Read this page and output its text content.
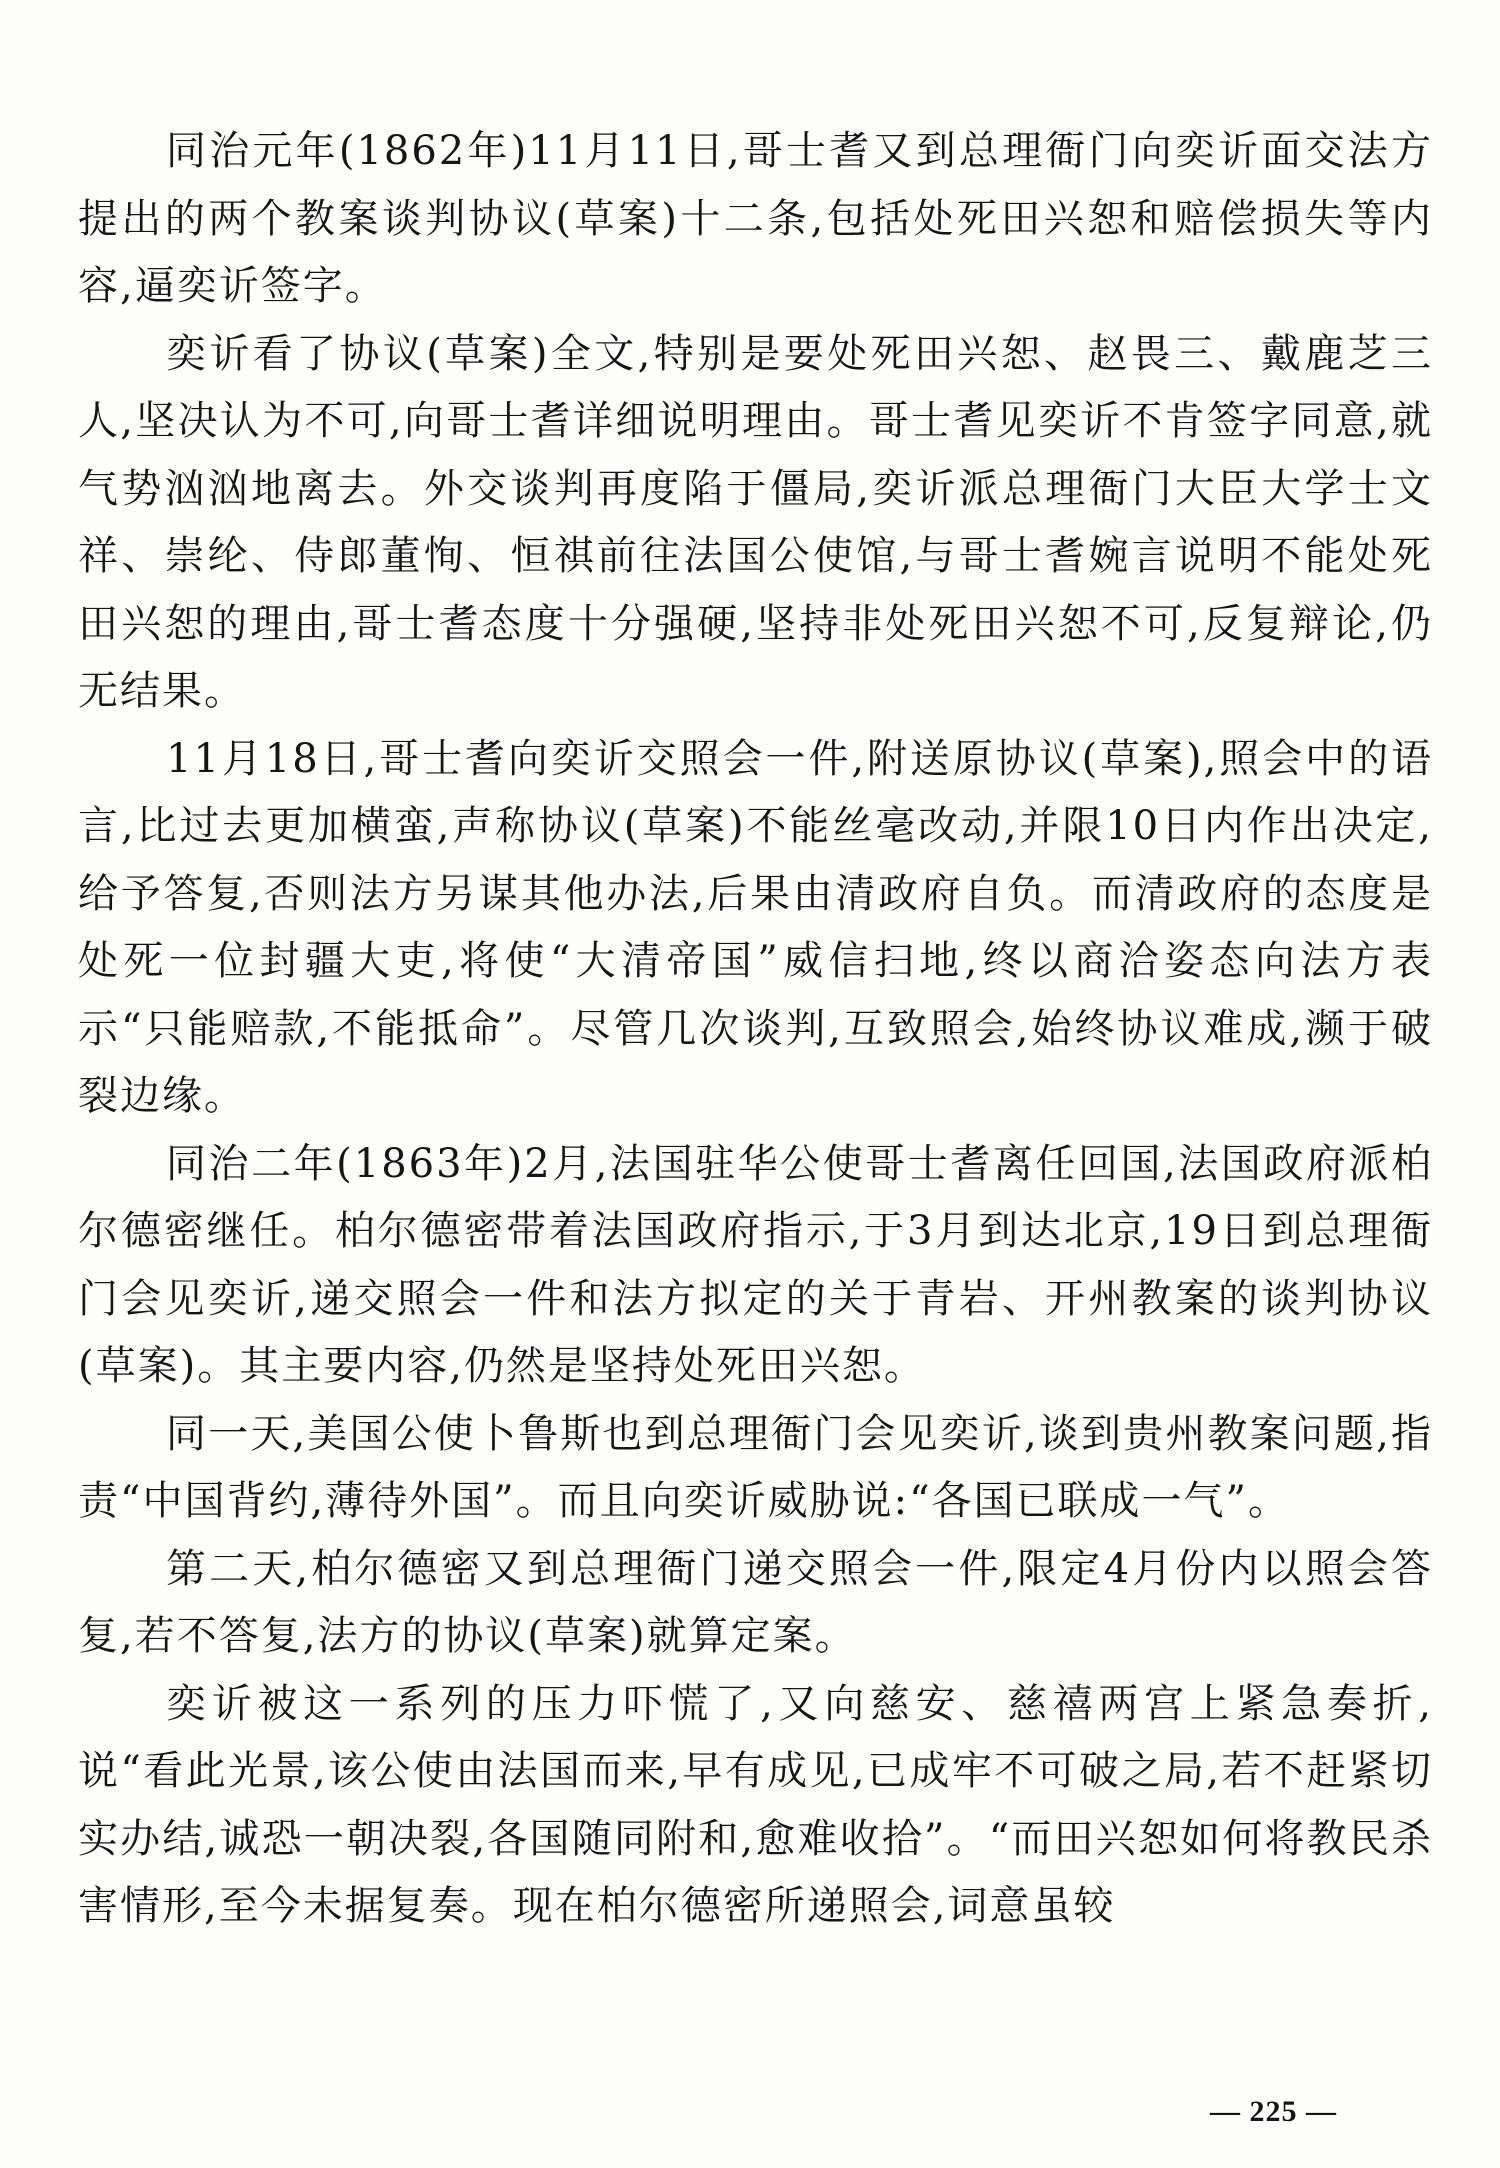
同治元年(1862年)11月11日,哥士耆又到总理衙门向奕䜣面交法方提出的两个教案谈判协议(草案)十二条,包括处死田兴恕和赔偿损失等内容,逼奕䜣签字。

奕䜣看了协议(草案)全文,特别是要处死田兴恕、赵畏三、戴鹿芝三人,坚决认为不可,向哥士耆详细说明理由。哥士耆见奕䜣不肯签字同意,就气势汹汹地离去。外交谈判再度陷于僵局,奕䜣派总理衙门大臣大学士文祥、崇纶、侍郎董恂、恒祺前往法国公使馆,与哥士耆婉言说明不能处死田兴恕的理由,哥士耆态度十分强硬,坚持非处死田兴恕不可,反复辩论,仍无结果。

11月18日,哥士耆向奕䜣交照会一件,附送原协议(草案),照会中的语言,比过去更加横蛮,声称协议(草案)不能丝毫改动,并限10日内作出决定,给予答复,否则法方另谋其他办法,后果由清政府自负。而清政府的态度是处死一位封疆大吏,将使“大清帝国”威信扫地,终以商洽姿态向法方表示“只能赔款,不能抵命”。尽管几次谈判,互致照会,始终协议难成,濒于破裂边缘。

同治二年(1863年)2月,法国驻华公使哥士耆离任回国,法国政府派柏尔德密继任。柏尔德密带着法国政府指示,于3月到达北京,19日到总理衙门会见奕䜣,递交照会一件和法方拟定的关于青岩、开州教案的谈判协议(草案)。其主要内容,仍然是坚持处死田兴恕。

同一天,美国公使卜鲁斯也到总理衙门会见奕䜣,谈到贵州教案问题,指责“中国背约,薄待外国”。而且向奕䜣威胁说:“各国已联成一气”。

第二天,柏尔德密又到总理衙门递交照会一件,限定4月份内以照会答复,若不答复,法方的协议(草案)就算定案。

奕䜣被这一系列的压力吓慌了,又向慈安、慈禧两宫上紧急奏折,说“看此光景,该公使由法国而来,早有成见,已成牢不可破之局,若不赶紧切实办结,诚恐一朝决裂,各国随同附和,愈难收拾”。“而田兴恕如何将教民杀害情形,至今未据复奏。现在柏尔德密所递照会,词意虽较

— 225 —
